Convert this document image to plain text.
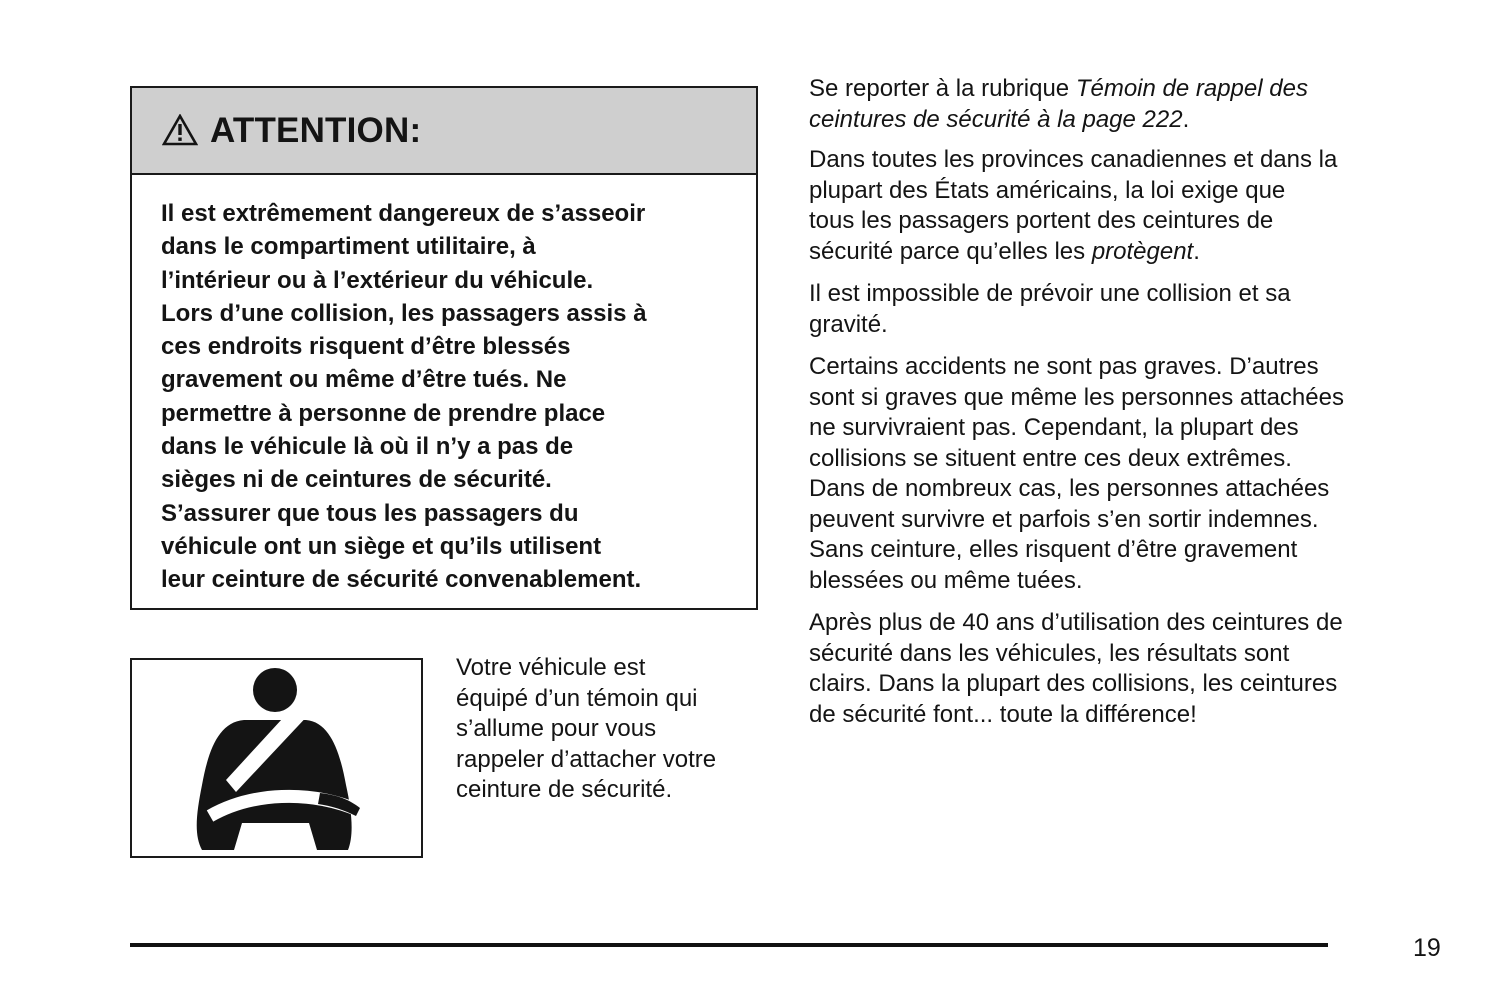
ATTENTION:
Il est extrêmement dangereux de s’asseoir
dans le compartiment utilitaire, à
l’intérieur ou à l’extérieur du véhicule.
Lors d’une collision, les passagers assis à
ces endroits risquent d’être blessés
gravement ou même d’être tués. Ne
permettre à personne de prendre place
dans le véhicule là où il n’y a pas de
sièges ni de ceintures de sécurité.
S’assurer que tous les passagers du
véhicule ont un siège et qu’ils utilisent
leur ceinture de sécurité convenablement.
Votre véhicule est
équipé d’un témoin qui
s’allume pour vous
rappeler d’attacher votre
ceinture de sécurité.
Se reporter à la rubrique Témoin de rappel des
ceintures de sécurité à la page 222.
Dans toutes les provinces canadiennes et dans la
plupart des États américains, la loi exige que
tous les passagers portent des ceintures de
sécurité parce qu’elles les protègent.
Il est impossible de prévoir une collision et sa
gravité.
Certains accidents ne sont pas graves. D’autres
sont si graves que même les personnes attachées
ne survivraient pas. Cependant, la plupart des
collisions se situent entre ces deux extrêmes.
Dans de nombreux cas, les personnes attachées
peuvent survivre et parfois s’en sortir indemnes.
Sans ceinture, elles risquent d’être gravement
blessées ou même tuées.
Après plus de 40 ans d’utilisation des ceintures de
sécurité dans les véhicules, les résultats sont
clairs. Dans la plupart des collisions, les ceintures
de sécurité font... toute la différence!
19
